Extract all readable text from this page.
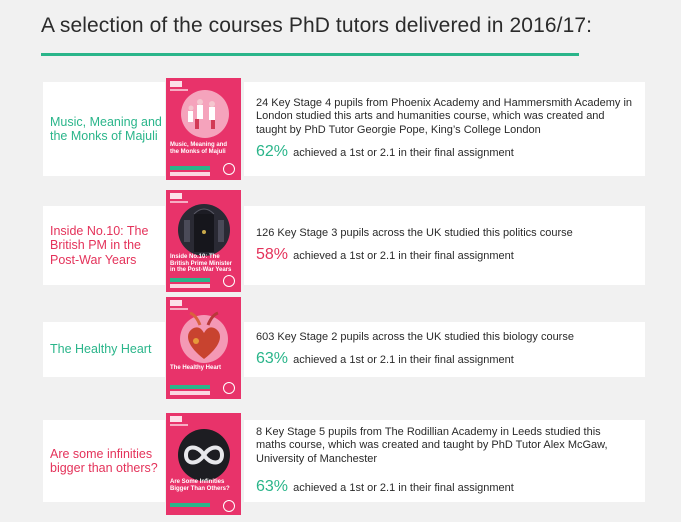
A selection of the courses PhD tutors delivered in 2016/17:
Music, Meaning and the Monks of Majuli
Music, Meaning and the Monks of Majuli
24 Key Stage 4 pupils from Phoenix Academy and Hammersmith Academy in London studied this arts and humanities course, which was created and taught by PhD Tutor Georgie Pope, King’s College London
62% achieved a 1st or 2.1 in their final assignment
Inside No.10: The British PM in the Post-War Years	Inside No.10: The British Prime Minister in the Post-War Years
126 Key Stage 3 pupils across the UK studied this politics course
58% achieved a 1st or 2.1 in their final assignment
The Healthy Heart
The Healthy Heart
603 Key Stage 2 pupils across the UK studied this biology course
63% achieved a 1st or 2.1 in their final assignment
Are some infinities bigger than others?
Are Some Infinities Bigger Than Others?
8 Key Stage 5 pupils from The Rodillian Academy in Leeds studied this maths course, which was created and taught by PhD Tutor Alex McGaw, University of Manchester
63% achieved a 1st or 2.1 in their final assignment
